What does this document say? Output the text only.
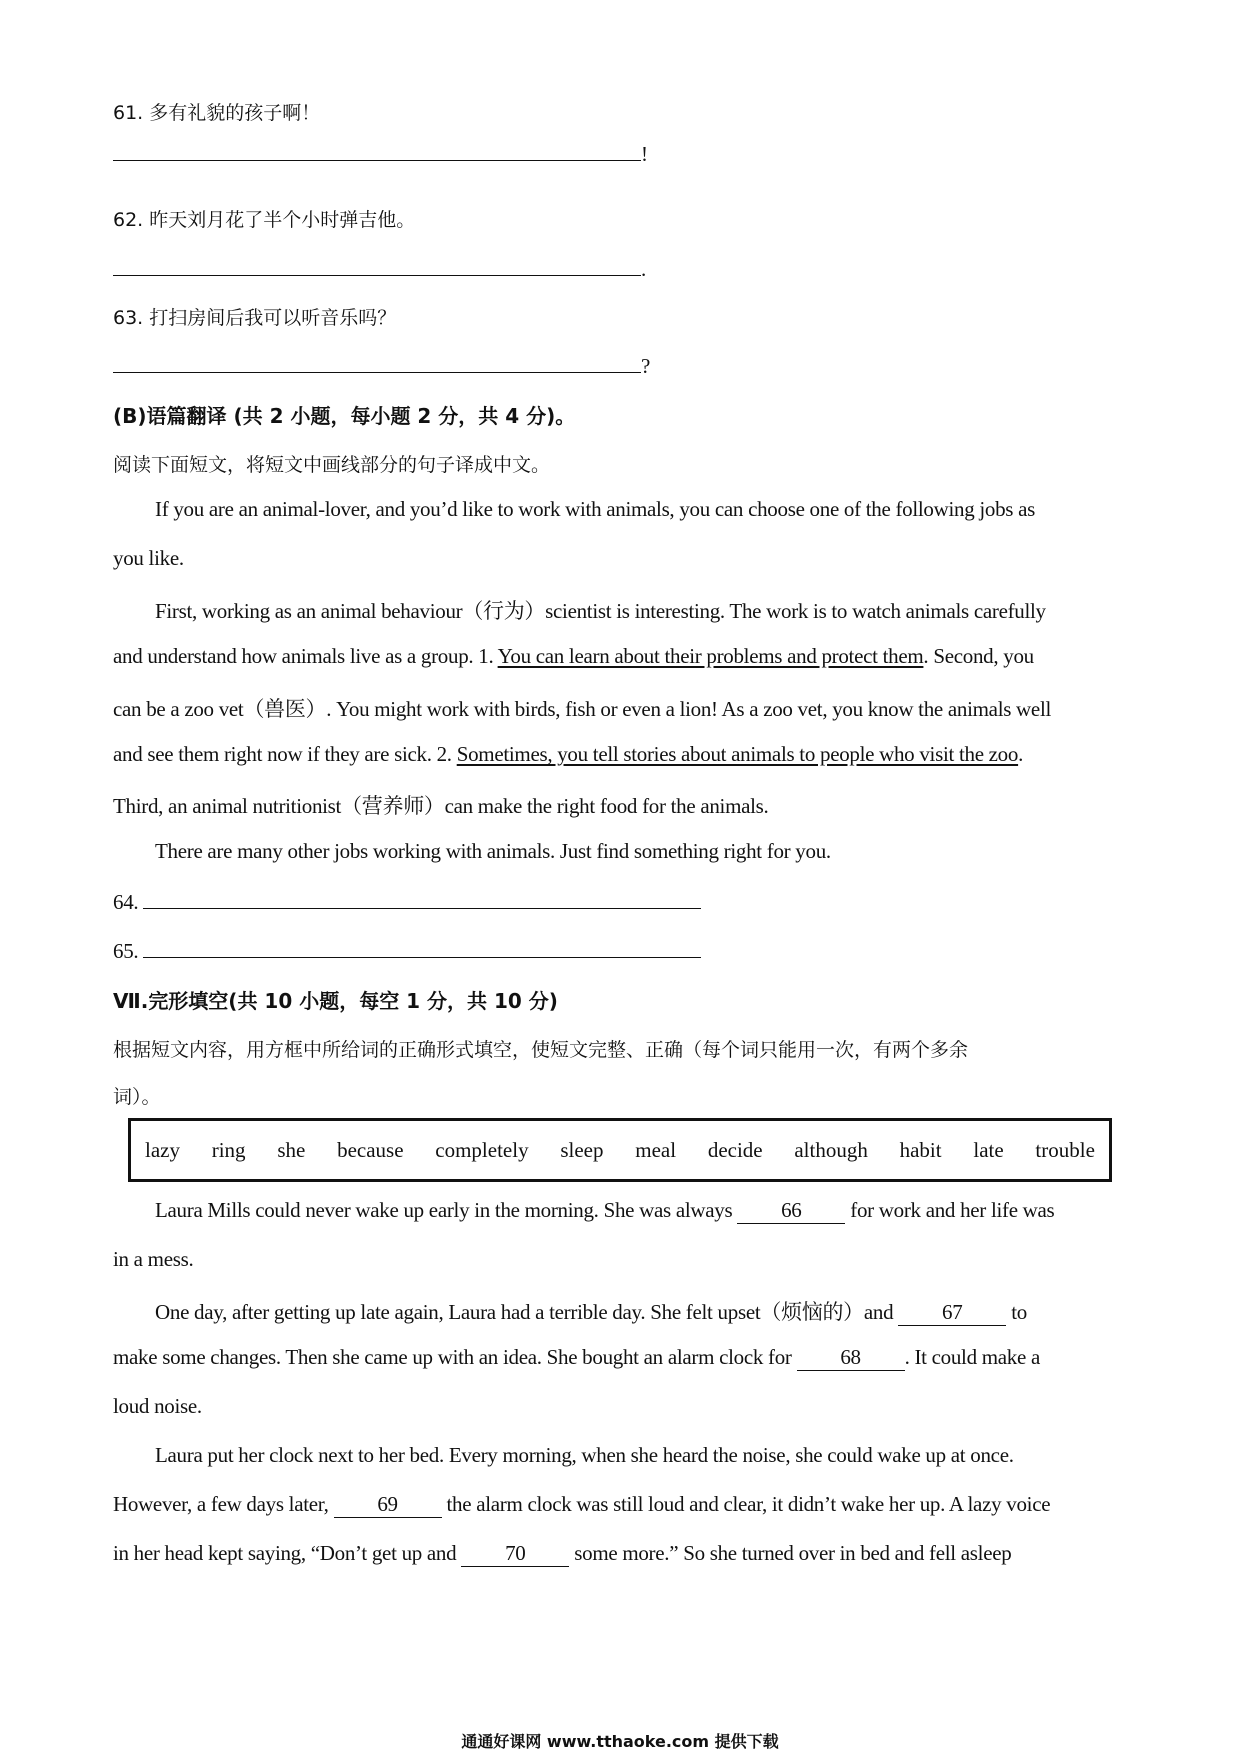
61. 多有礼貌的孩子啊！
!
62. 昨天刘月花了半个小时弹吉他。
.
63. 打扫房间后我可以听音乐吗？
?
(B)语篇翻译 (共 2 小题，每小题 2 分，共 4 分)。
阅读下面短文，将短文中画线部分的句子译成中文。
If you are an animal-lover, and you’d like to work with animals, you can choose one of the following jobs as
you like.
First, working as an animal behaviour（行为）scientist is interesting. The work is to watch animals carefully
and understand how animals live as a group. 1. You can learn about their problems and protect them. Second, you
can be a zoo vet（兽医）. You might work with birds, fish or even a lion! As a zoo vet, you know the animals well
and see them right now if they are sick. 2. Sometimes, you tell stories about animals to people who visit the zoo.
Third, an animal nutritionist（营养师）can make the right food for the animals.
There are many other jobs working with animals. Just find something right for you.
64.
65.
Ⅶ.完形填空(共 10 小题，每空 1 分，共 10 分)
根据短文内容，用方框中所给词的正确形式填空，使短文完整、正确（每个词只能用一次，有两个多余
词）。
lazy ring she because completely sleep meal decide although habit late trouble
Laura Mills could never wake up early in the morning. She was always 66 for work and her life was
in a mess.
One day, after getting up late again, Laura had a terrible day. She felt upset（烦恼的）and 67 to
make some changes. Then she came up with an idea. She bought an alarm clock for 68 . It could make a
loud noise.
Laura put her clock next to her bed. Every morning, when she heard the noise, she could wake up at once.
However, a few days later, 69 the alarm clock was still loud and clear, it didn’t wake her up. A lazy voice
in her head kept saying, “Don’t get up and 70 some more.” So she turned over in bed and fell asleep
通通好课网 www.tthaoke.com 提供下载
